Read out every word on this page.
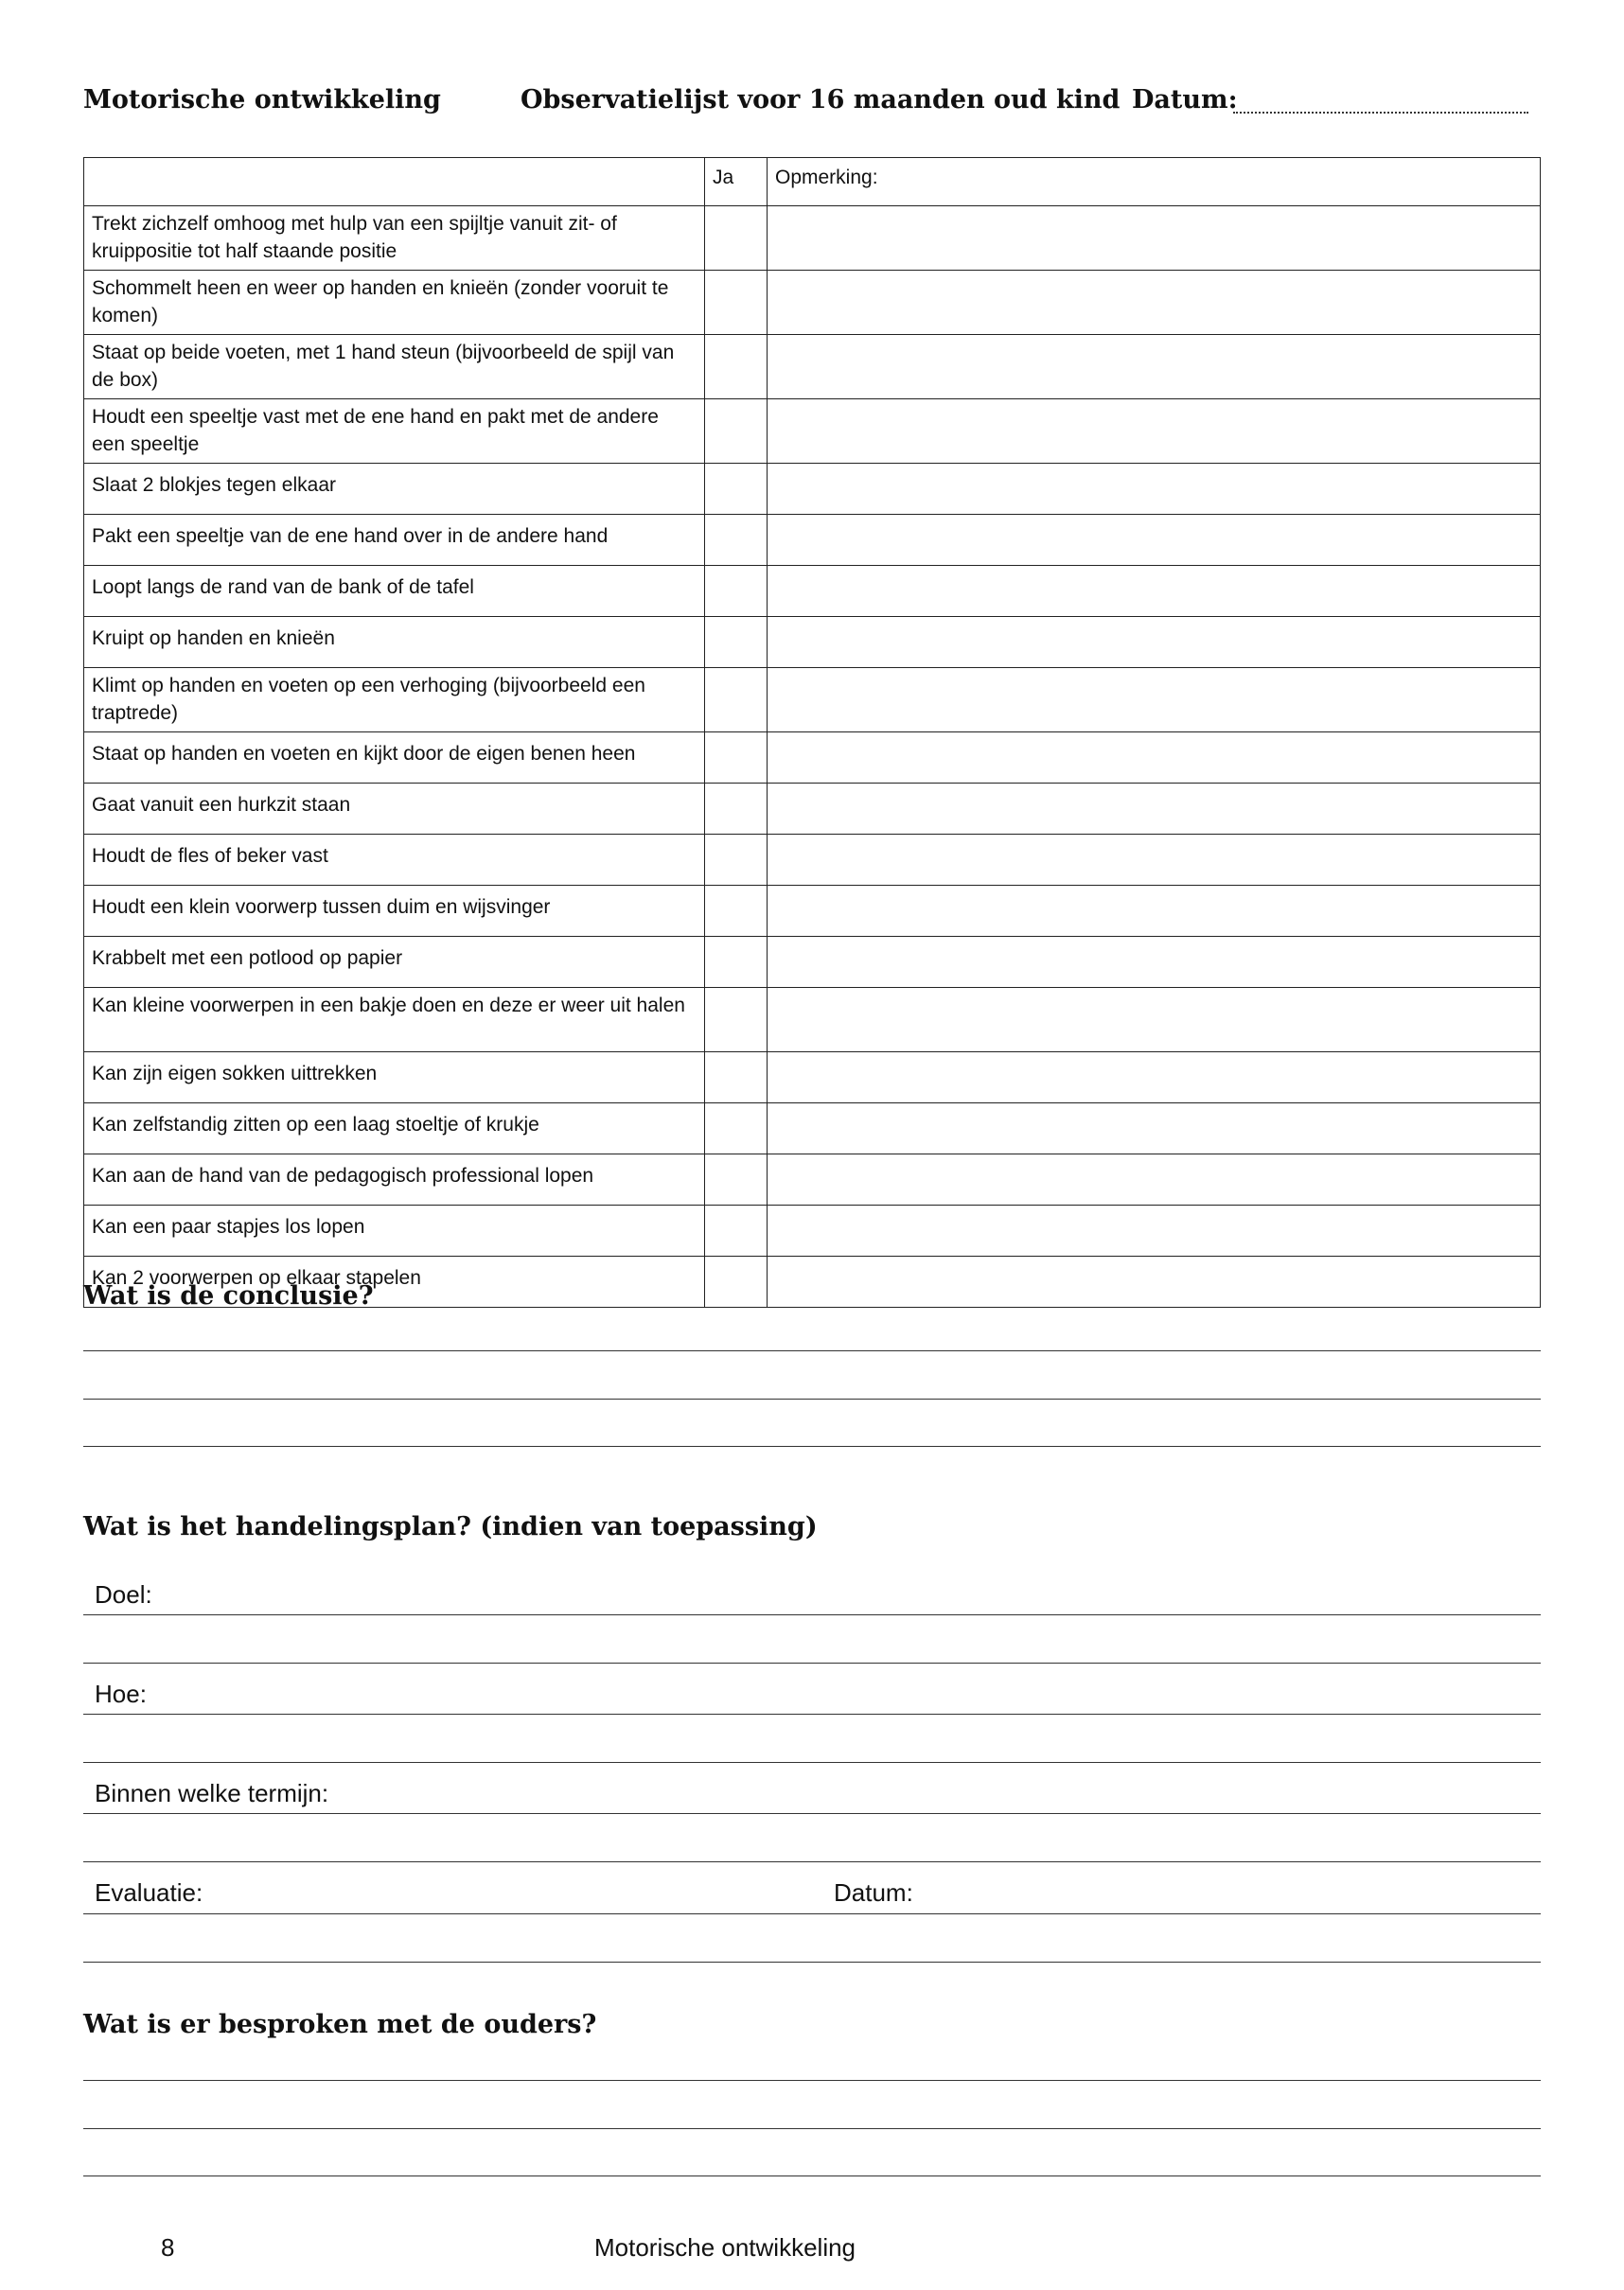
Motorische ontwikkeling	Observatielijst voor 16 maanden oud kind Datum:
	Ja	Opmerking:
Trekt zichzelf omhoog met hulp van een spijltje vanuit zit- of kruippositie tot half staande positie		
Schommelt heen en weer op handen en knieën (zonder vooruit te komen)		
Staat op beide voeten, met 1 hand steun (bijvoorbeeld de spijl van de box)		
Houdt een speeltje vast met de ene hand en pakt met de andere een speeltje		
Slaat 2 blokjes tegen elkaar		
Pakt een speeltje van de ene hand over in de andere hand		
Loopt langs de rand van de bank of de tafel		
Kruipt op handen en knieën		
Klimt op handen en voeten op een verhoging (bijvoorbeeld een traptrede)		
Staat op handen en voeten en kijkt door de eigen benen heen		
Gaat vanuit een hurkzit staan		
Houdt de fles of beker vast		
Houdt een klein voorwerp tussen duim en wijsvinger		
Krabbelt met een potlood op papier		
Kan kleine voorwerpen in een bakje doen en deze er weer uit halen		
Kan zijn eigen sokken uittrekken		
Kan zelfstandig zitten op een laag stoeltje of krukje		
Kan aan de hand van de pedagogisch professional lopen		
Kan een paar stapjes los lopen		
Kan 2 voorwerpen op elkaar stapelen		
Wat is de conclusie?
Wat is het handelingsplan? (indien van toepassing)
Doel:
Hoe:
Binnen welke termijn:
Evaluatie:	Datum:
Wat is er besproken met de ouders?
8	Motorische ontwikkeling
